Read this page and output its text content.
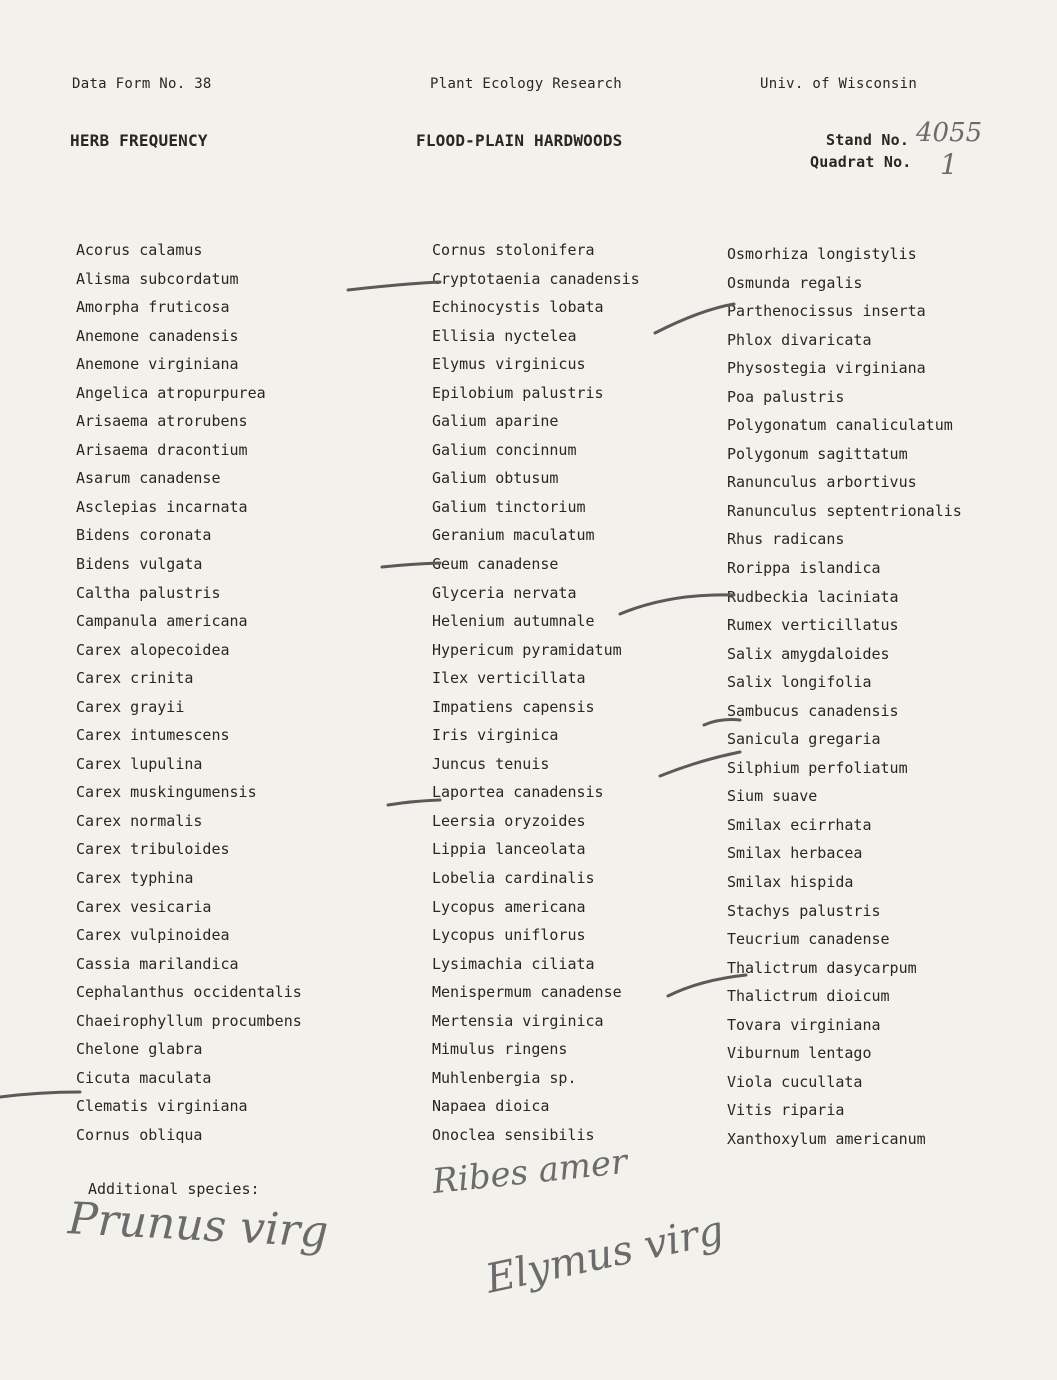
Data Form No. 38	Plant Ecology Research	Univ. of Wisconsin
HERB FREQUENCY	FLOOD-PLAIN HARDWOODS	Stand No. 4055
Quadrat No. 1
Acorus calamus
Alisma subcordatum
Amorpha fruticosa
Anemone canadensis
Anemone virginiana
Angelica atropurpurea
Arisaema atrorubens
Arisaema dracontium
Asarum canadense
Asclepias incarnata
Bidens coronata
Bidens vulgata
Caltha palustris
Campanula americana
Carex alopecoidea
Carex crinita
Carex grayii
Carex intumescens
Carex lupulina
Carex muskingumensis
Carex normalis
Carex tribuloides
Carex typhina
Carex vesicaria
Carex vulpinoidea
Cassia marilandica
Cephalanthus occidentalis
Chaeirophyllum procumbens
Chelone glabra
Cicuta maculata
Clematis virginiana
Cornus obliqua
Cornus stolonifera
Cryptotaenia canadensis
Echinocystis lobata
Ellisia nyctelea
Elymus virginicus
Epilobium palustris
Galium aparine
Galium concinnum
Galium obtusum
Galium tinctorium
Geranium maculatum
Geum canadense
Glyceria nervata
Helenium autumnale
Hypericum pyramidatum
Ilex verticillata
Impatiens capensis
Iris virginica
Juncus tenuis
Laportea canadensis
Leersia oryzoides
Lippia lanceolata
Lobelia cardinalis
Lycopus americana
Lycopus uniflorus
Lysimachia ciliata
Menispermum canadense
Mertensia virginica
Mimulus ringens
Muhlenbergia sp.
Napaea dioica
Onoclea sensibilis
Osmorhiza longistylis
Osmunda regalis
Parthenocissus inserta
Phlox divaricata
Physostegia virginiana
Poa palustris
Polygonatum canaliculatum
Polygonum sagittatum
Ranunculus arbortivus
Ranunculus septentrionalis
Rhus radicans
Rorippa islandica
Rudbeckia laciniata
Rumex verticillatus
Salix amygdaloides
Salix longifolia
Sambucus canadensis
Sanicula gregaria
Silphium perfoliatum
Sium suave
Smilax ecirrhata
Smilax herbacea
Smilax hispida
Stachys palustris
Teucrium canadense
Thalictrum dasycarpum
Thalictrum dioicum
Tovara virginiana
Viburnum lentago
Viola cucullata
Vitis riparia
Xanthoxylum americanum
Additional species:
Prunus virg
Ribes amer
Elymus virg
